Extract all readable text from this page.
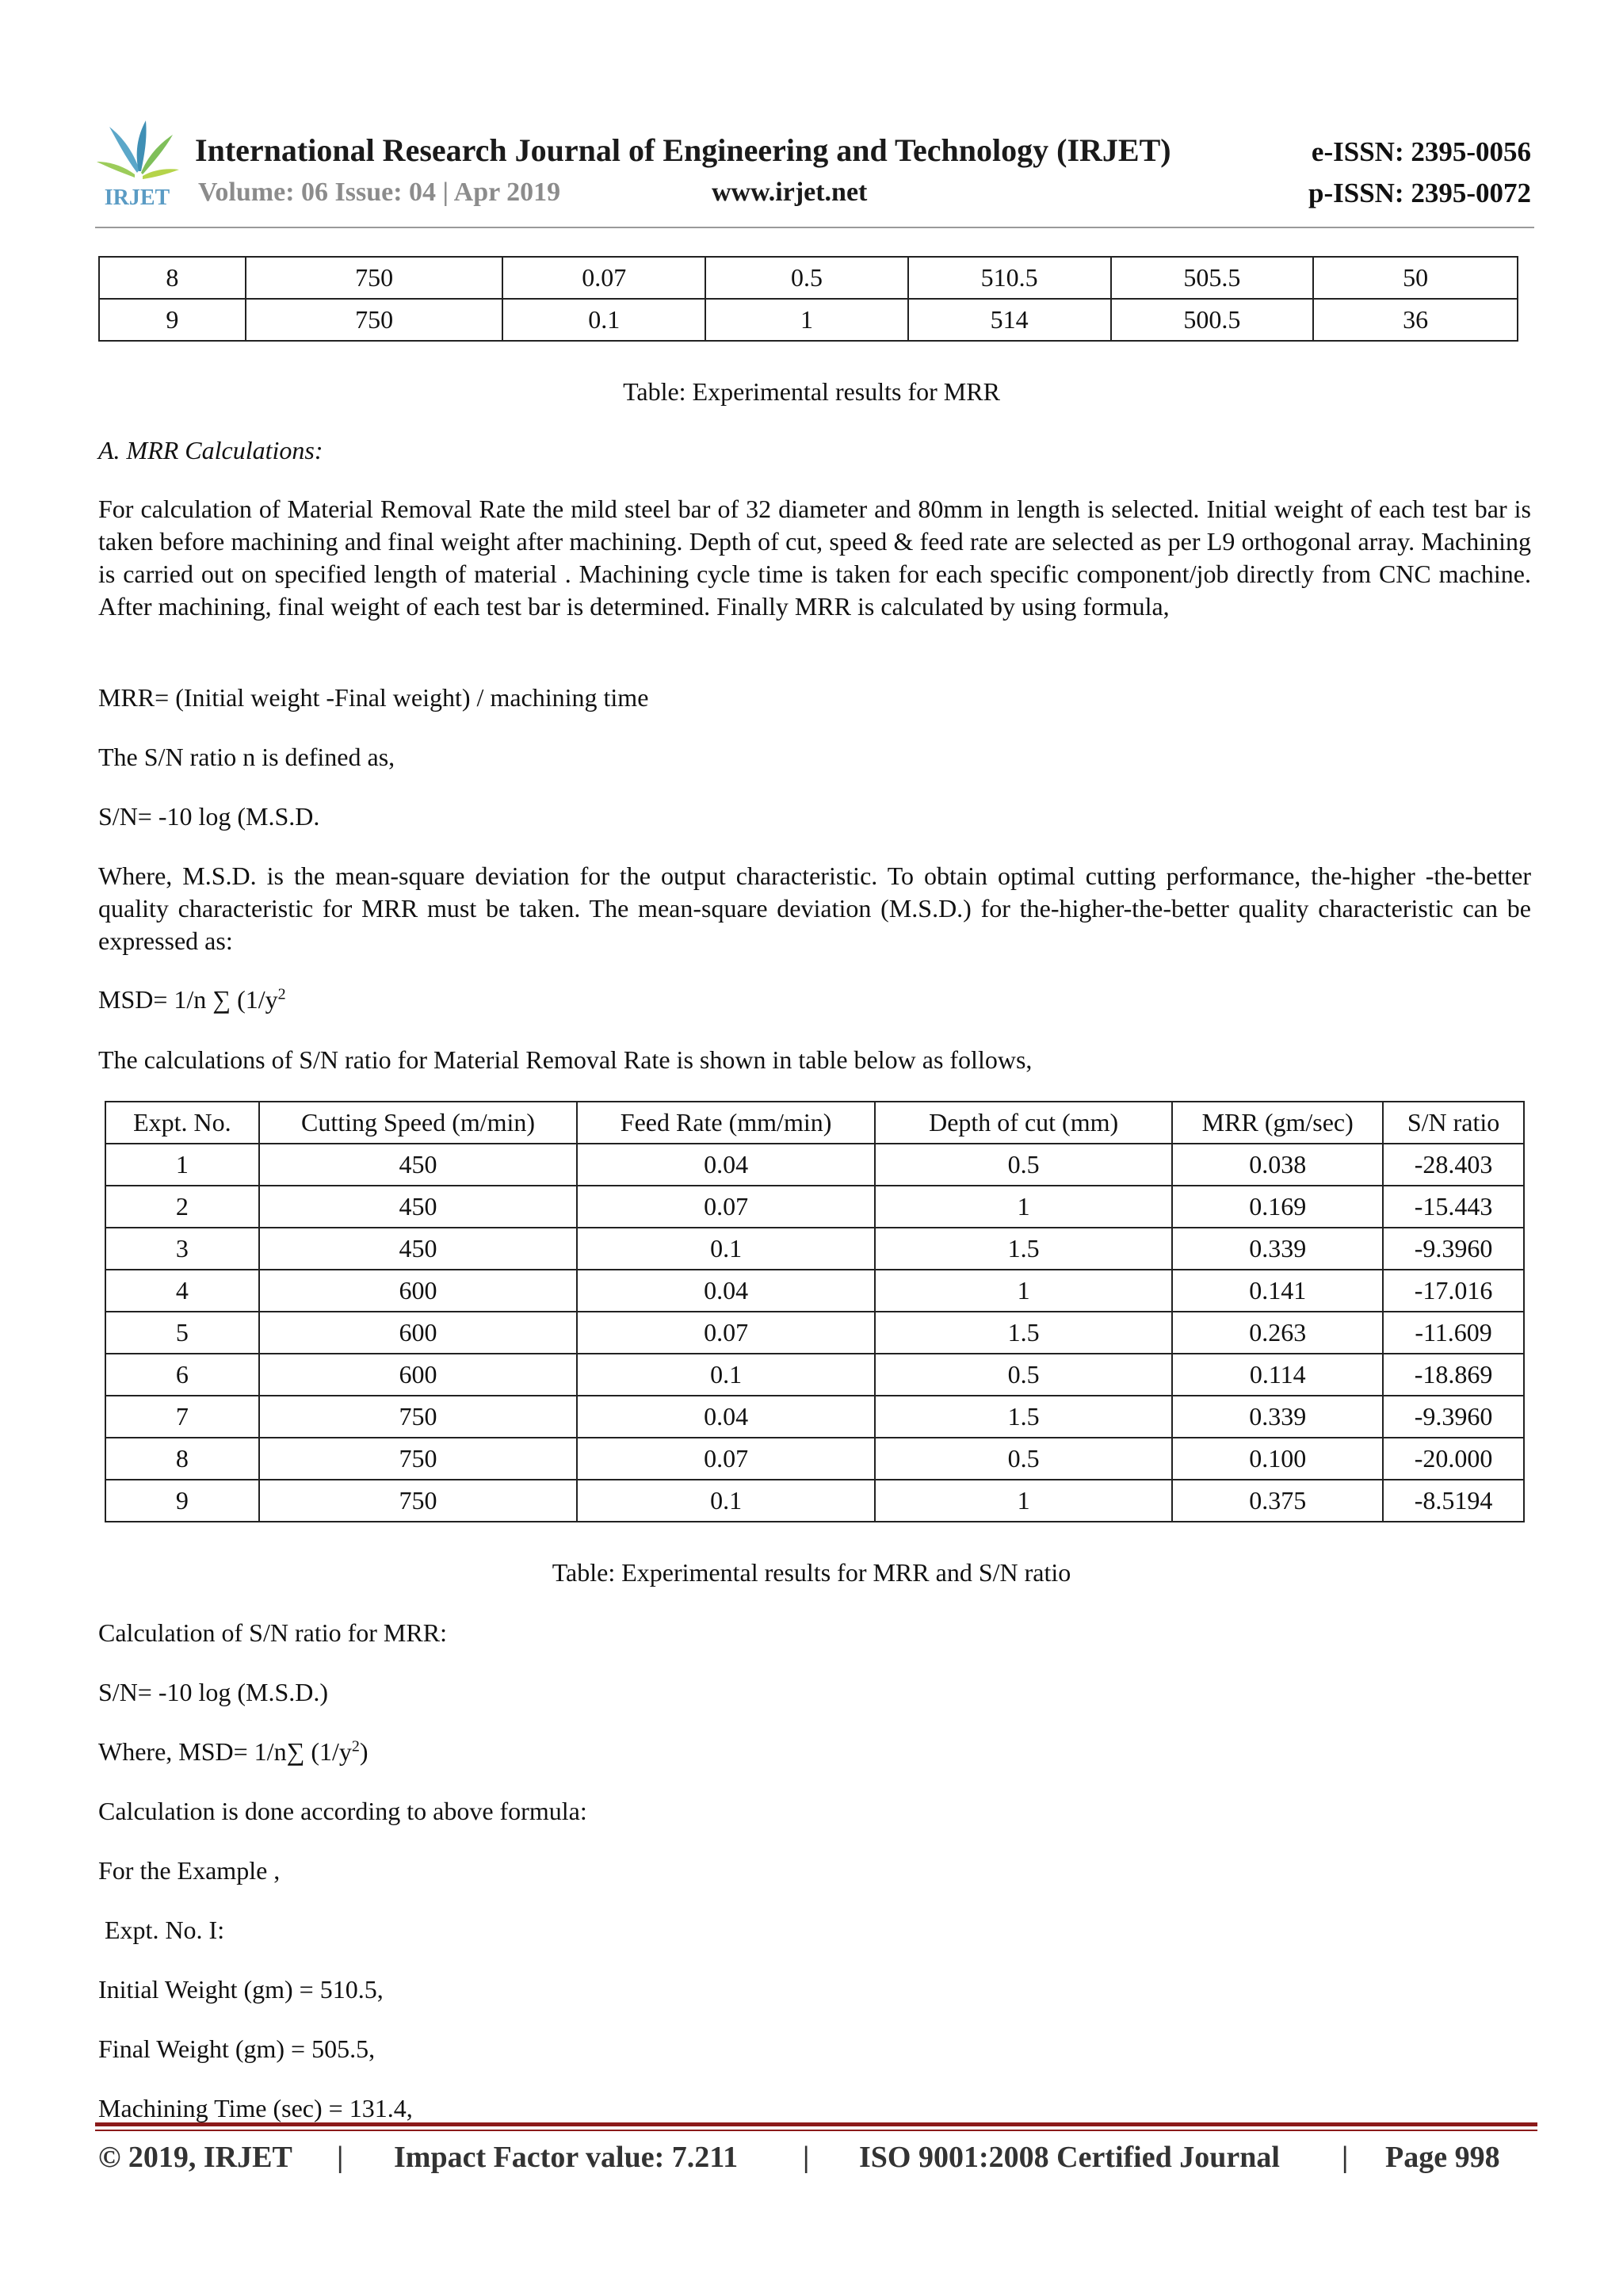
IRJET
International Research Journal of Engineering and Technology (IRJET)
Volume: 06 Issue: 04 | Apr 2019	www.irjet.net
e-ISSN: 2395-0056
p-ISSN: 2395-0072
8	750	0.07	0.5	510.5	505.5	50
9	750	0.1	1	514	500.5	36
Table: Experimental results for MRR
A. MRR Calculations:
For calculation of Material Removal Rate the mild steel bar of 32 diameter and 80mm in length is selected. Initial weight of each test bar is taken before machining and final weight after machining. Depth of cut, speed & feed rate are selected as per L9 orthogonal array. Machining is carried out on specified length of material . Machining cycle time is taken for each specific component/job directly from CNC machine. After machining, final weight of each test bar is determined. Finally MRR is calculated by using formula,
MRR= (Initial weight -Final weight) / machining time
The S/N ratio n is defined as,
S/N= -10 log (M.S.D.
Where, M.S.D. is the mean-square deviation for the output characteristic. To obtain optimal cutting performance, the-higher -the-better quality characteristic for MRR must be taken. The mean-square deviation (M.S.D.) for the-higher-the-better quality characteristic can be expressed as:
MSD= 1/n ∑ ($1/y^2$
The calculations of S/N ratio for Material Removal Rate is shown in table below as follows,
Expt. No.	Cutting Speed (m/min)	Feed Rate (mm/min)	Depth of cut (mm)	MRR (gm/sec)	S/N ratio
1	450	0.04	0.5	0.038	-28.403
2	450	0.07	1	0.169	-15.443
3	450	0.1	1.5	0.339	-9.3960
4	600	0.04	1	0.141	-17.016
5	600	0.07	1.5	0.263	-11.609
6	600	0.1	0.5	0.114	-18.869
7	750	0.04	1.5	0.339	-9.3960
8	750	0.07	0.5	0.100	-20.000
9	750	0.1	1	0.375	-8.5194
Table: Experimental results for MRR and S/N ratio
Calculation of S/N ratio for MRR:
S/N= -10 log (M.S.D.)
Where, MSD= 1/n∑ $(1/y^2)$
Calculation is done according to above formula:
For the Example ,
Expt. No. I:
Initial Weight (gm) = 510.5,
Final Weight (gm) = 505.5,
Machining Time (sec) = 131.4,
© 2019, IRJET | Impact Factor value: 7.211 | ISO 9001:2008 Certified Journal | Page 998
